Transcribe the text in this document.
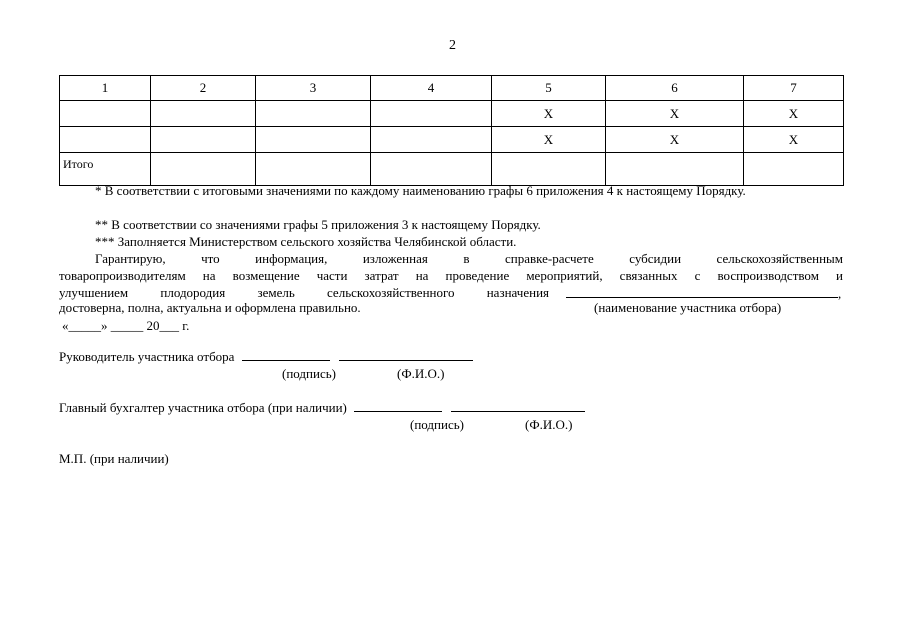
2
1	2	3	4	5	6	7
				X	X	X
				X	X	X
Итого						
* В соответствии с итоговыми значениями по каждому наименованию графы 6 приложения 4 к настоящему Порядку.
** В соответствии со значениями графы 5 приложения 3 к настоящему Порядку.
*** Заполняется Министерством сельского хозяйства Челябинской области.
Гарантирую, что информация, изложенная в справке-расчете субсидии сельскохозяйственным
товаропроизводителям на возмещение части затрат на проведение мероприятий, связанных с воспроизводством и
улучшением плодородия земель сельскохозяйственного назначения	,
достоверна, полна, актуальна и оформлена правильно.	(наименование участника отбора)
«_____» _____ 20___ г.
Руководитель участника отбора
(подпись)	(Ф.И.О.)
Главный бухгалтер участника отбора (при наличии)
(подпись)	(Ф.И.О.)
М.П. (при наличии)
